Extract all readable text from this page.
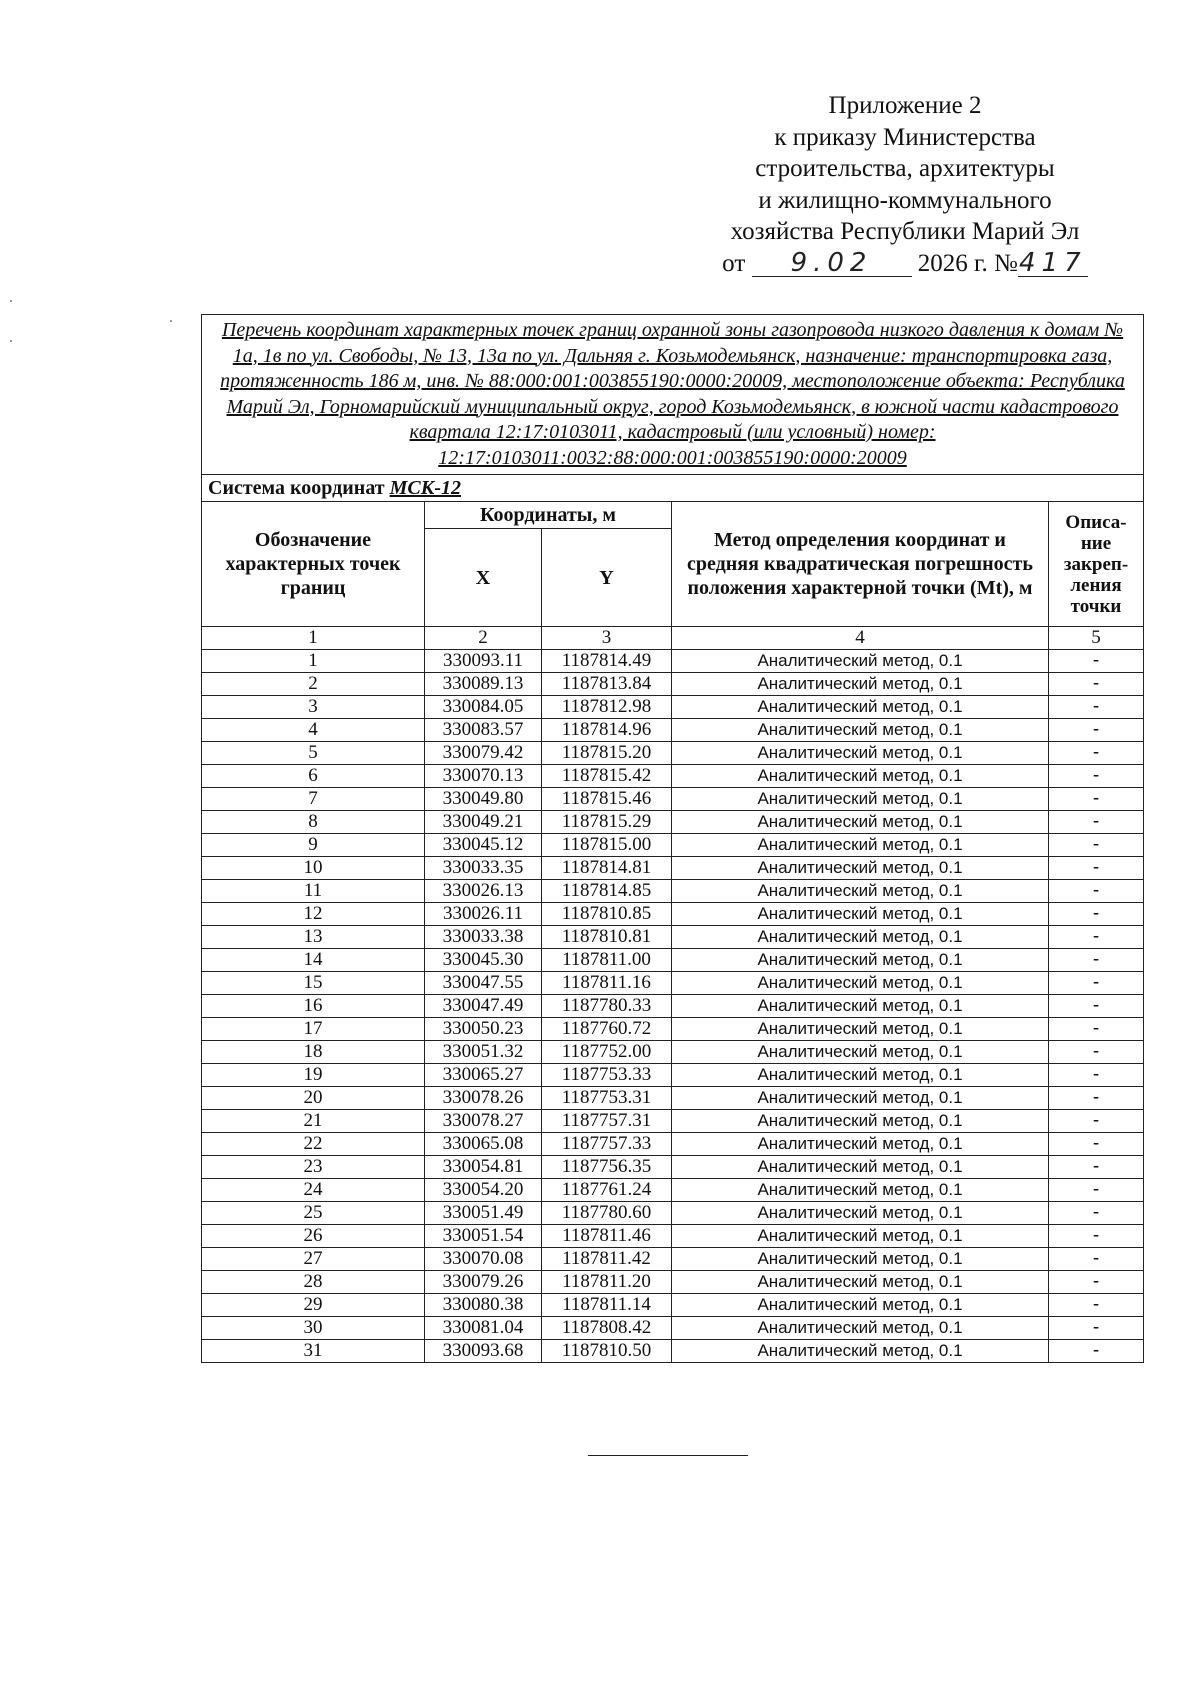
Приложение 2
к приказу Министерства
строительства, архитектуры
и жилищно-коммунального
хозяйства Республики Марий Эл
от 9.02 2026 г. №417
Перечень координат характерных точек границ охранной зоны газопровода низкого давления к домам № 1а, 1в по ул. Свободы, № 13, 13а по ул. Дальняя г. Козьмодемьянск, назначение: транспортировка газа, протяженность 186 м, инв. № 88:000:001:003855190:0000:20009, местоположение объекта: Республика Марий Эл, Горномарийский муниципальный округ, город Козьмодемьянск, в южной части кадастрового квартала 12:17:0103011, кадастровый (или условный) номер: 12:17:0103011:0032:88:000:001:003855190:0000:20009				
Система координат МСК-12				
Обозначение характерных точек границ	Координаты, м		Метод определения координат и средняя квадратическая погрешность положения характерной точки (Mt), м	Описа-ние закреп-ления точки
	X	Y		
1	2	3	4	5
1	330093.11	1187814.49	Аналитический метод, 0.1	-
2	330089.13	1187813.84	Аналитический метод, 0.1	-
3	330084.05	1187812.98	Аналитический метод, 0.1	-
4	330083.57	1187814.96	Аналитический метод, 0.1	-
5	330079.42	1187815.20	Аналитический метод, 0.1	-
6	330070.13	1187815.42	Аналитический метод, 0.1	-
7	330049.80	1187815.46	Аналитический метод, 0.1	-
8	330049.21	1187815.29	Аналитический метод, 0.1	-
9	330045.12	1187815.00	Аналитический метод, 0.1	-
10	330033.35	1187814.81	Аналитический метод, 0.1	-
11	330026.13	1187814.85	Аналитический метод, 0.1	-
12	330026.11	1187810.85	Аналитический метод, 0.1	-
13	330033.38	1187810.81	Аналитический метод, 0.1	-
14	330045.30	1187811.00	Аналитический метод, 0.1	-
15	330047.55	1187811.16	Аналитический метод, 0.1	-
16	330047.49	1187780.33	Аналитический метод, 0.1	-
17	330050.23	1187760.72	Аналитический метод, 0.1	-
18	330051.32	1187752.00	Аналитический метод, 0.1	-
19	330065.27	1187753.33	Аналитический метод, 0.1	-
20	330078.26	1187753.31	Аналитический метод, 0.1	-
21	330078.27	1187757.31	Аналитический метод, 0.1	-
22	330065.08	1187757.33	Аналитический метод, 0.1	-
23	330054.81	1187756.35	Аналитический метод, 0.1	-
24	330054.20	1187761.24	Аналитический метод, 0.1	-
25	330051.49	1187780.60	Аналитический метод, 0.1	-
26	330051.54	1187811.46	Аналитический метод, 0.1	-
27	330070.08	1187811.42	Аналитический метод, 0.1	-
28	330079.26	1187811.20	Аналитический метод, 0.1	-
29	330080.38	1187811.14	Аналитический метод, 0.1	-
30	330081.04	1187808.42	Аналитический метод, 0.1	-
31	330093.68	1187810.50	Аналитический метод, 0.1	-
